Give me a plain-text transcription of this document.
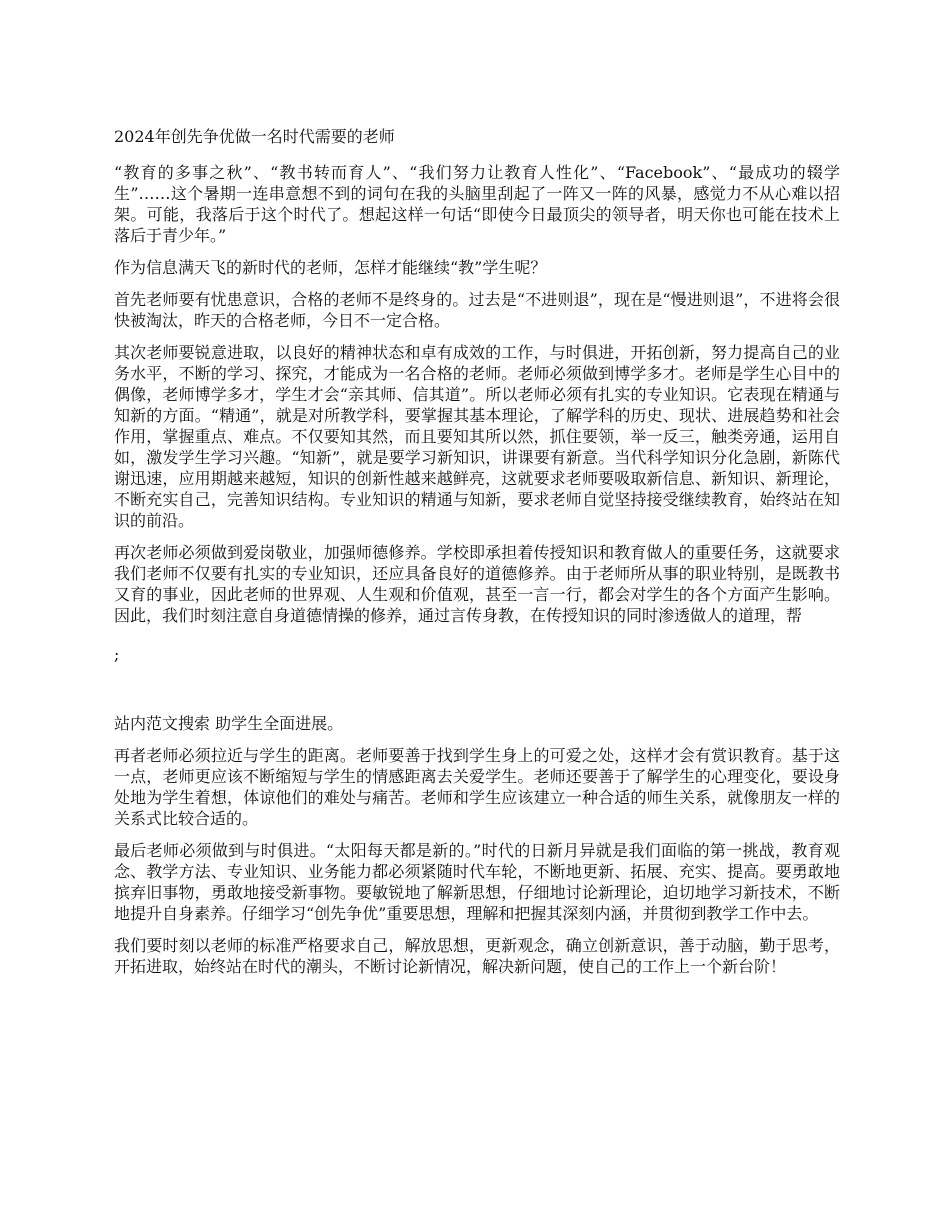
2024年创先争优做一名时代需要的老师

“教育的多事之秋”、“教书转而育人”、“我们努力让教育人性化”、“Facebook”、“最成功的辍学生”……这个暑期一连串意想不到的词句在我的头脑里刮起了一阵又一阵的风暴，感觉力不从心难以招架。可能，我落后于这个时代了。想起这样一句话“即使今日最顶尖的领导者，明天你也可能在技术上落后于青少年。”

作为信息满天飞的新时代的老师，怎样才能继续“教”学生呢？

首先老师要有忧患意识，合格的老师不是终身的。过去是“不进则退”，现在是“慢进则退”，不进将会很快被淘汰，昨天的合格老师，今日不一定合格。

其次老师要锐意进取，以良好的精神状态和卓有成效的工作，与时俱进，开拓创新，努力提高自己的业务水平，不断的学习、探究，才能成为一名合格的老师。老师必须做到博学多才。老师是学生心目中的偶像，老师博学多才，学生才会“亲其师、信其道”。所以老师必须有扎实的专业知识。它表现在精通与知新的方面。“精通”，就是对所教学科，要掌握其基本理论，了解学科的历史、现状、进展趋势和社会作用，掌握重点、难点。不仅要知其然，而且要知其所以然，抓住要领，举一反三，触类旁通，运用自如，激发学生学习兴趣。“知新”，就是要学习新知识，讲课要有新意。当代科学知识分化急剧，新陈代谢迅速，应用期越来越短，知识的创新性越来越鲜亮，这就要求老师要吸取新信息、新知识、新理论，不断充实自己，完善知识结构。专业知识的精通与知新，要求老师自觉坚持接受继续教育，始终站在知识的前沿。

再次老师必须做到爱岗敬业，加强师德修养。学校即承担着传授知识和教育做人的重要任务，这就要求我们老师不仅要有扎实的专业知识，还应具备良好的道德修养。由于老师所从事的职业特别，是既教书又育的事业，因此老师的世界观、人生观和价值观，甚至一言一行，都会对学生的各个方面产生影响。因此，我们时刻注意自身道德情操的修养，通过言传身教，在传授知识的同时渗透做人的道理，帮

;
站内范文搜索 助学生全面进展。

再者老师必须拉近与学生的距离。老师要善于找到学生身上的可爱之处，这样才会有赏识教育。基于这一点，老师更应该不断缩短与学生的情感距离去关爱学生。老师还要善于了解学生的心理变化，要设身处地为学生着想，体谅他们的难处与痛苦。老师和学生应该建立一种合适的师生关系，就像朋友一样的关系式比较合适的。

最后老师必须做到与时俱进。“太阳每天都是新的。”时代的日新月异就是我们面临的第一挑战，教育观念、教学方法、专业知识、业务能力都必须紧随时代车轮，不断地更新、拓展、充实、提高。要勇敢地摈弃旧事物，勇敢地接受新事物。要敏锐地了解新思想，仔细地讨论新理论，迫切地学习新技术，不断地提升自身素养。仔细学习“创先争优”重要思想，理解和把握其深刻内涵，并贯彻到教学工作中去。

我们要时刻以老师的标准严格要求自己，解放思想，更新观念，确立创新意识，善于动脑，勤于思考，开拓进取，始终站在时代的潮头，不断讨论新情况，解决新问题，使自己的工作上一个新台阶！
